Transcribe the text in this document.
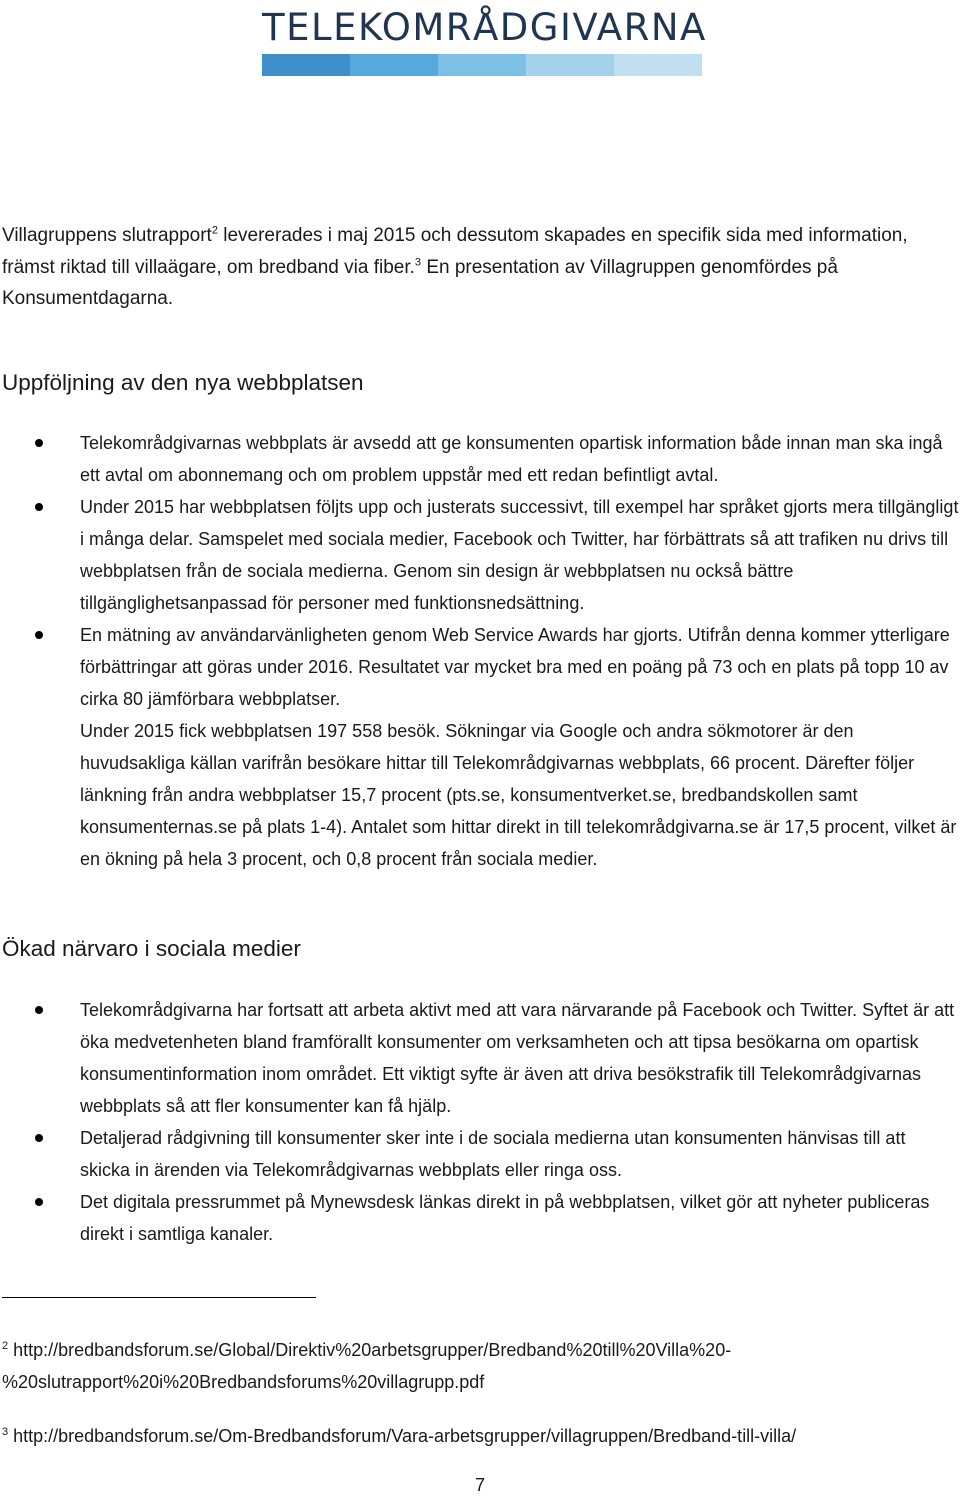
TELEKOMRÅDGIVARNA
Villagruppens slutrapport$^2$ levererades i maj 2015 och dessutom skapades en specifik sida med information, främst riktad till villaägare, om bredband via fiber.$^3$ En presentation av Villagruppen genomfördes på Konsumentdagarna.
Uppföljning av den nya webbplatsen
Telekområdgivarnas webbplats är avsedd att ge konsumenten opartisk information både innan man ska ingå ett avtal om abonnemang och om problem uppstår med ett redan befintligt avtal.
Under 2015 har webbplatsen följts upp och justerats successivt, till exempel har språket gjorts mera tillgängligt i många delar. Samspelet med sociala medier, Facebook och Twitter, har förbättrats så att trafiken nu drivs till webbplatsen från de sociala medierna. Genom sin design är webbplatsen nu också bättre tillgänglighetsanpassad för personer med funktionsnedsättning.
En mätning av användarvänligheten genom Web Service Awards har gjorts. Utifrån denna kommer ytterligare förbättringar att göras under 2016. Resultatet var mycket bra med en poäng på 73 och en plats på topp 10 av cirka 80 jämförbara webbplatser.
Under 2015 fick webbplatsen 197 558 besök. Sökningar via Google och andra sökmotorer är den huvudsakliga källan varifrån besökare hittar till Telekområdgivarnas webbplats, 66 procent. Därefter följer länkning från andra webbplatser 15,7 procent (pts.se, konsumentverket.se, bredbandskollen samt konsumenternas.se på plats 1-4). Antalet som hittar direkt in till telekområdgivarna.se är 17,5 procent, vilket är en ökning på hela 3 procent, och 0,8 procent från sociala medier.
Ökad närvaro i sociala medier
Telekområdgivarna har fortsatt att arbeta aktivt med att vara närvarande på Facebook och Twitter. Syftet är att öka medvetenheten bland framförallt konsumenter om verksamheten och att tipsa besökarna om opartisk konsumentinformation inom området. Ett viktigt syfte är även att driva besökstrafik till Telekområdgivarnas webbplats så att fler konsumenter kan få hjälp.
Detaljerad rådgivning till konsumenter sker inte i de sociala medierna utan konsumenten hänvisas till att skicka in ärenden via Telekområdgivarnas webbplats eller ringa oss.
Det digitala pressrummet på Mynewsdesk länkas direkt in på webbplatsen, vilket gör att nyheter publiceras direkt i samtliga kanaler.
$^2$ http://bredbandsforum.se/Global/Direktiv%20arbetsgrupper/Bredband%20till%20Villa%20-
%20slutrapport%20i%20Bredbandsforums%20villagrupp.pdf
$^3$ http://bredbandsforum.se/Om-Bredbandsforum/Vara-arbetsgrupper/villagruppen/Bredband-till-villa/
7
